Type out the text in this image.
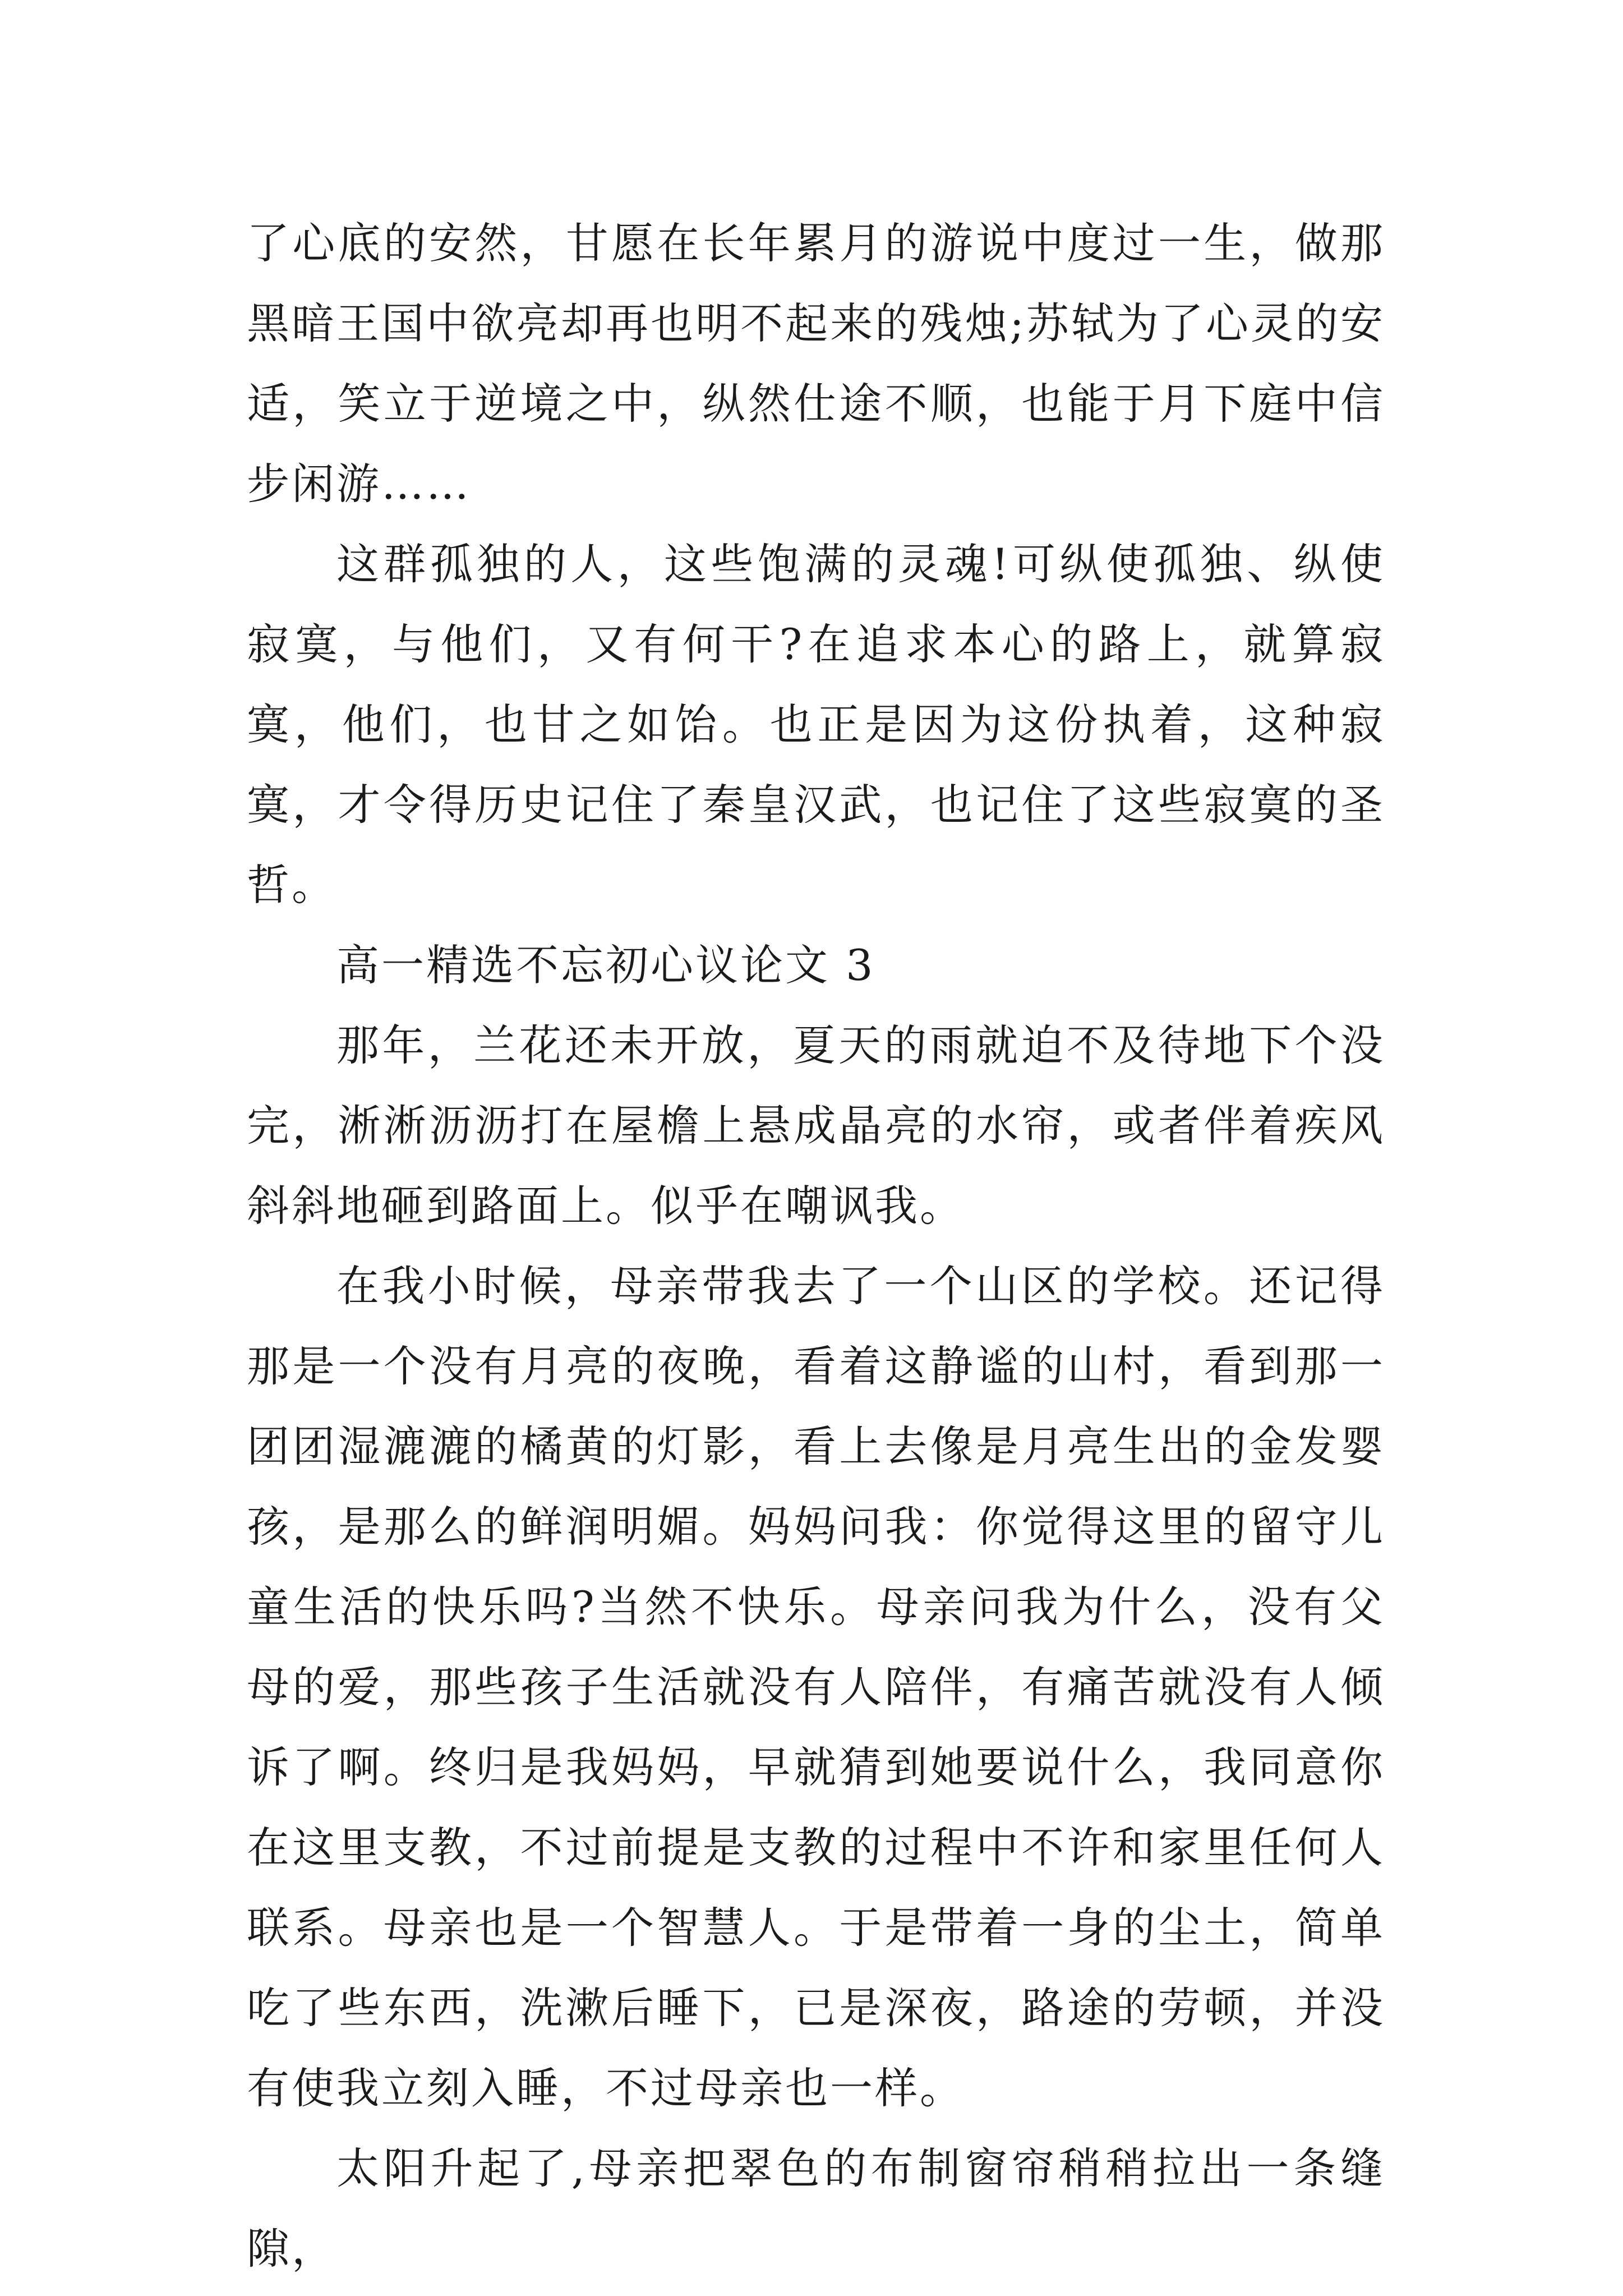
了心底的安然，甘愿在长年累月的游说中度过一生，做那黑暗王国中欲亮却再也明不起来的残烛;苏轼为了心灵的安适，笑立于逆境之中，纵然仕途不顺，也能于月下庭中信步闲游……

这群孤独的人，这些饱满的灵魂!可纵使孤独、纵使寂寞，与他们，又有何干?在追求本心的路上，就算寂寞，他们，也甘之如饴。也正是因为这份执着，这种寂寞，才令得历史记住了秦皇汉武，也记住了这些寂寞的圣哲。

高一精选不忘初心议论文 3

那年，兰花还未开放，夏天的雨就迫不及待地下个没完，淅淅沥沥打在屋檐上悬成晶亮的水帘，或者伴着疾风斜斜地砸到路面上。似乎在嘲讽我。

在我小时候，母亲带我去了一个山区的学校。还记得那是一个没有月亮的夜晚，看着这静谧的山村，看到那一团团湿漉漉的橘黄的灯影，看上去像是月亮生出的金发婴孩，是那么的鲜润明媚。妈妈问我：你觉得这里的留守儿童生活的快乐吗?当然不快乐。母亲问我为什么，没有父母的爱，那些孩子生活就没有人陪伴，有痛苦就没有人倾诉了啊。终归是我妈妈，早就猜到她要说什么，我同意你在这里支教，不过前提是支教的过程中不许和家里任何人联系。母亲也是一个智慧人。于是带着一身的尘土，简单吃了些东西，洗漱后睡下，已是深夜，路途的劳顿，并没有使我立刻入睡，不过母亲也一样。

太阳升起了,母亲把翠色的布制窗帘稍稍拉出一条缝隙，
